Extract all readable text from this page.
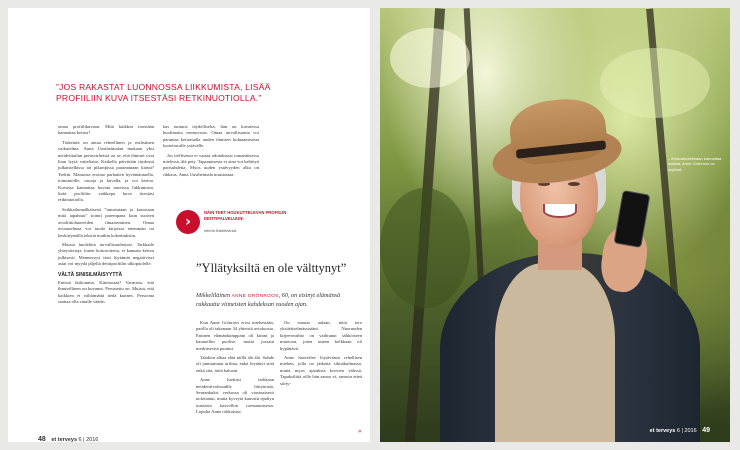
”JOS RAKASTAT LUONNOSSA LIIKKUMISTA, LISÄÄ PROFIILIIN KUVA ITSESTÄSI RETKINUOTIOLLA.”

omaa profiilikuvaan. Mitä kaikkea itsestään kannattaa kertoa?

Tärkeintä on antaa reheellinen ja realistinen vaikutelma. Anna Uusiheimalan mukaan yksi netideittailun perusvirheistä on se, että ihmiset ovat liian lyytä vaiteliaita. Kaikella päivittäin täydessä julkaistelkissa tai pikaripissa paranantaan kiinni? Tsekin. Mainosta erottaa parhaiten hyväntäutuella, toimintoille, osuoja ja kuvalla, ja voi kertoa. Kuvassa kannattaa kuvata nuorissa liikkumista, lisää profiiliin vaikkapa kuva itsestäsi retkinuotiolla.

Seikkailunnälkäisesti ”tutustutaan ja katsotaan mitä tapahtuu” toimii parempana kuin suorien avioliittohaaveiden ilmaiseminen. Omaa aviounelmaa voi tuoda kirjoissa enemmän tai keskittymällä tekstiä muihin kokemuksiin.

Muista huolehtia turvallisuudestasi. Tarkkaile yhteystietoja, kuten kotiosoitetta, ei kannata kertoa julkisesti. Mennessysi iästi löytämät negatiiviset asiat voi myydä jäljellä deittiprofiilin ulkopuolelle.

VÄLTÄ SINISILMÄISYYTTÄ

Entistä ikihomma. Kiinnostaa? Varmista, että ihmisellinen on kuvanut. Perustettu on. Muista, että kaikkien ei välttämättä tiedä kunnes. Persoona saattaa olla sinulle väärin.

kas tuntuisi täydelliseltä, hän on kuvatessa huolimatta vennoveras. Omaa turvallisuutta voi parantaa kertomalla uuden ihmisen kohtaamisesta luotettavalle ystävälle.

Jos treffiseura ei vastaa odotuksiasi romanttisessa mielessä, älä pety. Tapaamisesta ei aina voi kehittyä parisuhdetta. Myos uuden ystävyyden alku on rikkaus, Anna Uusiheimala muistuttaa.

›
NÄIN TEET HOUKUTTELEVAN PROFIILIN DEITTIPALVELUUN!
etlehti.fi/deittivinkit
”Yllätyksiltä en ole välttynyt”
Mikkeliläinen ANNE GRÖNROOS, 60, on etsinyt elämänsä rakkautta viimeisten kahdeksan vuoden ajan.

Kun Anne Grönroos erosi miehestään, parilla oli takanaan 34 yhteistä avioluosia. Entinen elämänkumppani oli kiinni ja kaunoillin puolise, mutta jossain merkitsevitä puuttui.

Tahdoin alkaa elää niillä älä älä. Suhde oli junniutunut urilma, enkä löytänyt siitä enkä sitä, mitä halusin.

Anne harkitsi tarkkaan netideittivalvuudile liittymistä. Seurankuksi verkossa oli varsinaisesti nolottanut, mutta kyveytä kanvatti epäilyn turuttoin kasvollon tormaamisesta. Lopulta Anne rohkaistui.

On sinuun aalaan, mitä tero yksittäiselmässistäni. Nuoruuden kirjeenvaihto on vaihtunut sähköiseen muotoon, joten asteen kelkkaan oli hypättävä.

Anne haaveilee löytävänsä rehellisen miehen, jolla on jäikettä silmäkulmassa, mutta myos ajatuksia korvien välissä. Tapaksiliitä oille hän sanoo ei, samoin etteä siirty-

48 et terveys 6 | 2016
»
– Ensivaikutelmaan kannattaa luottaa, Anne Grönroos on oppinut.
et terveys 6 | 2016 49
